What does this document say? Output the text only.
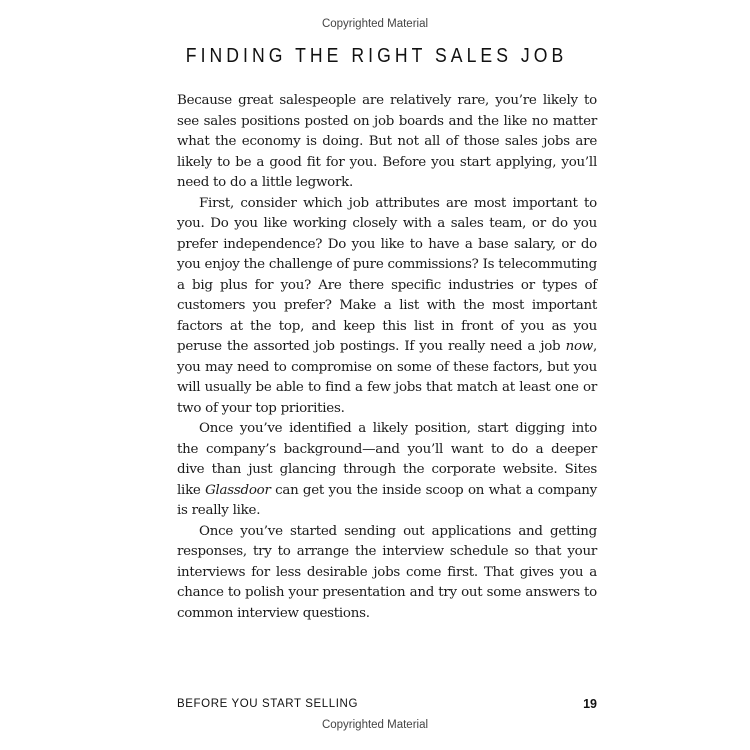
Copyrighted Material
FINDING THE RIGHT SALES JOB

Because great salespeople are relatively rare, you’re likely to see sales positions posted on job boards and the like no matter what the economy is doing. But not all of those sales jobs are likely to be a good fit for you. Before you start applying, you’ll need to do a little legwork.

First, consider which job attributes are most important to you. Do you like working closely with a sales team, or do you prefer independence? Do you like to have a base salary, or do you enjoy the challenge of pure commissions? Is telecommuting a big plus for you? Are there specific industries or types of customers you prefer? Make a list with the most important factors at the top, and keep this list in front of you as you peruse the assorted job postings. If you really need a job now, you may need to compromise on some of these factors, but you will usually be able to find a few jobs that match at least one or two of your top priorities.

Once you’ve identified a likely position, start digging into the company’s background—and you’ll want to do a deeper dive than just glancing through the corporate website. Sites like Glassdoor can get you the inside scoop on what a company is really like.

Once you’ve started sending out applications and getting responses, try to arrange the interview schedule so that your interviews for less desirable jobs come first. That gives you a chance to polish your presentation and try out some answers to common interview questions.

BEFORE YOU START SELLING	19
Copyrighted Material
